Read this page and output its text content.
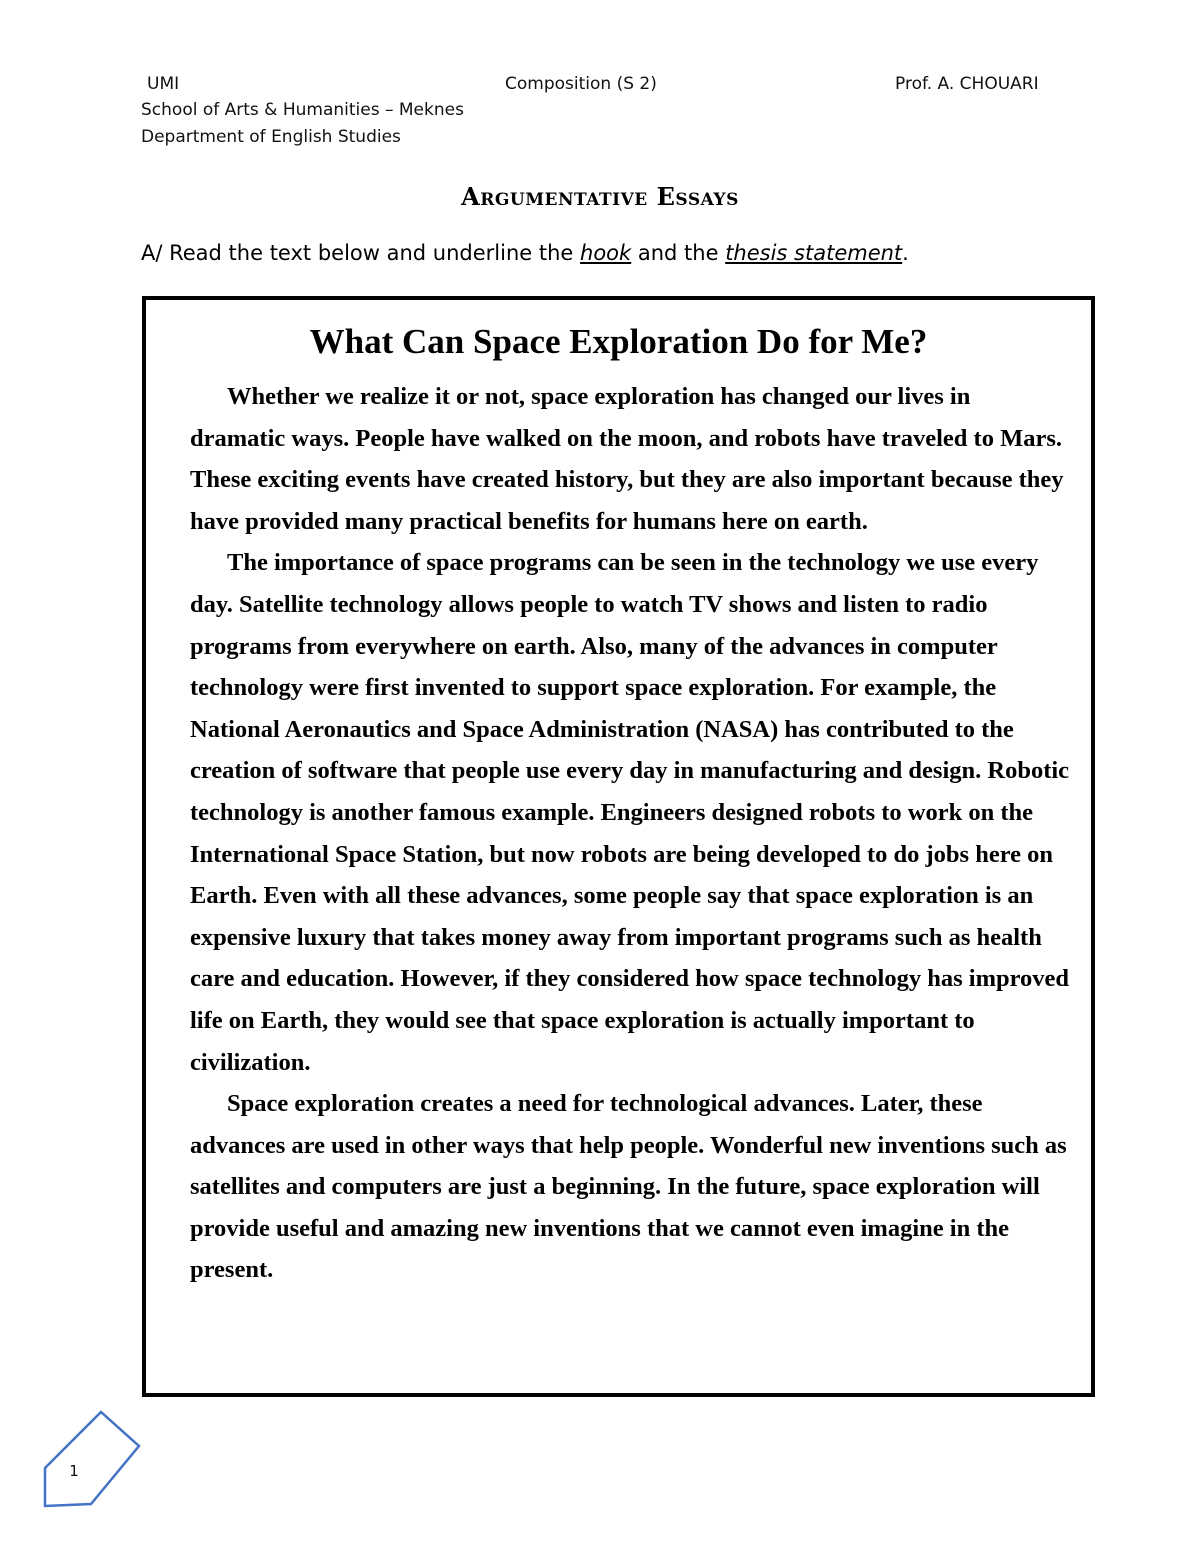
UMI	Composition (S 2)	Prof. A. CHOUARI
School of Arts & Humanities – Meknes
Department of English Studies
Argumentative Essays
A/ Read the text below and underline the hook and the thesis statement.
What Can Space Exploration Do for Me?

Whether we realize it or not, space exploration has changed our lives in dramatic ways. People have walked on the moon, and robots have traveled to Mars. These exciting events have created history, but they are also important because they have provided many practical benefits for humans here on earth.

The importance of space programs can be seen in the technology we use every day. Satellite technology allows people to watch TV shows and listen to radio programs from everywhere on earth. Also, many of the advances in computer technology were first invented to support space exploration. For example, the National Aeronautics and Space Administration (NASA) has contributed to the creation of software that people use every day in manufacturing and design. Robotic technology is another famous example. Engineers designed robots to work on the International Space Station, but now robots are being developed to do jobs here on Earth. Even with all these advances, some people say that space exploration is an expensive luxury that takes money away from important programs such as health care and education. However, if they considered how space technology has improved life on Earth, they would see that space exploration is actually important to civilization.

Space exploration creates a need for technological advances. Later, these advances are used in other ways that help people. Wonderful new inventions such as satellites and computers are just a beginning. In the future, space exploration will provide useful and amazing new inventions that we cannot even imagine in the present.

1
